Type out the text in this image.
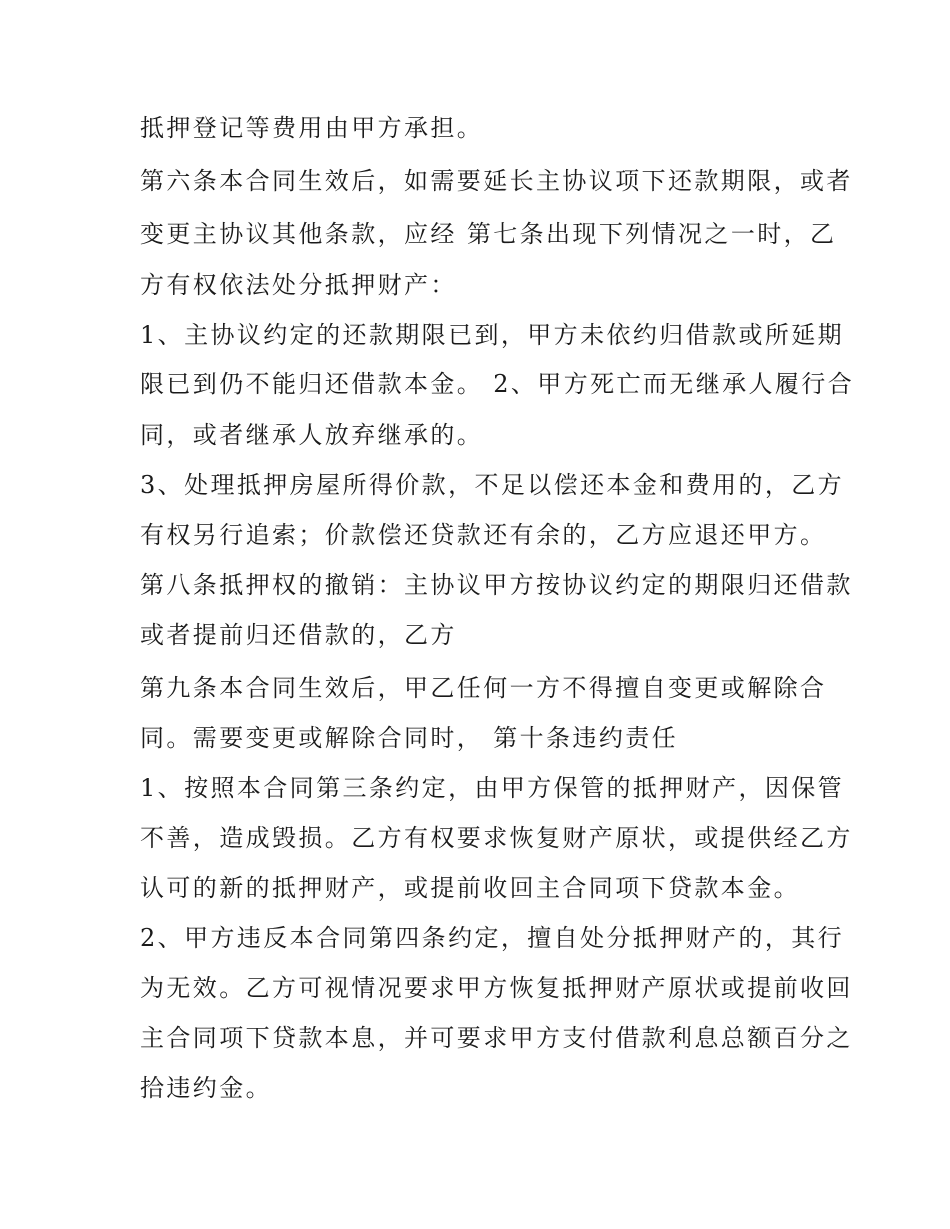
抵押登记等费用由甲方承担。
第六条本合同生效后，如需要延长主协议项下还款期限，或者
变更主协议其他条款，应经 第七条出现下列情况之一时，乙
方有权依法处分抵押财产：
1、主协议约定的还款期限已到，甲方未依约归借款或所延期
限已到仍不能归还借款本金。 2、甲方死亡而无继承人履行合
同，或者继承人放弃继承的。
3、处理抵押房屋所得价款，不足以偿还本金和费用的，乙方
有权另行追索；价款偿还贷款还有余的，乙方应退还甲方。
第八条抵押权的撤销：主协议甲方按协议约定的期限归还借款
或者提前归还借款的，乙方
第九条本合同生效后，甲乙任何一方不得擅自变更或解除合
同。需要变更或解除合同时， 第十条违约责任
1、按照本合同第三条约定，由甲方保管的抵押财产，因保管
不善，造成毁损。乙方有权要求恢复财产原状，或提供经乙方
认可的新的抵押财产，或提前收回主合同项下贷款本金。
2、甲方违反本合同第四条约定，擅自处分抵押财产的，其行
为无效。乙方可视情况要求甲方恢复抵押财产原状或提前收回
主合同项下贷款本息，并可要求甲方支付借款利息总额百分之
拾违约金。
